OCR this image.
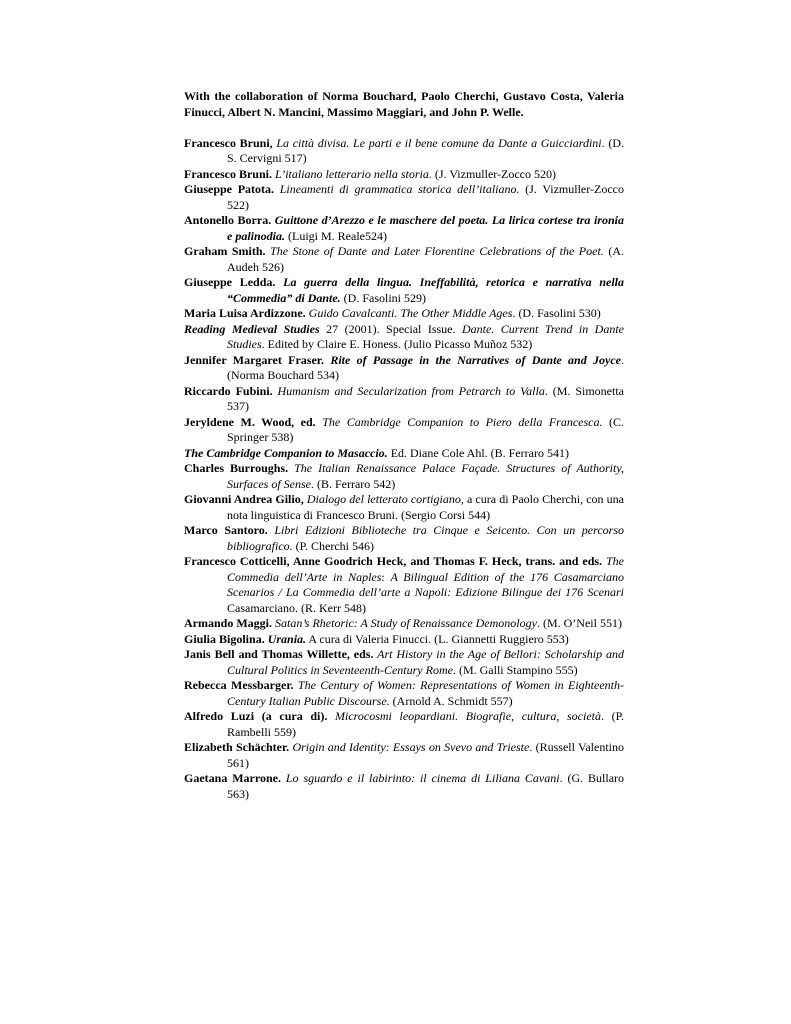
With the collaboration of Norma Bouchard, Paolo Cherchi, Gustavo Costa, Valeria Finucci, Albert N. Mancini, Massimo Maggiari, and John P. Welle.

Francesco Bruni, La città divisa. Le parti e il bene comune da Dante a Guicciardini. (D. S. Cervigni 517)

Francesco Bruni. L’italiano letterario nella storia. (J. Vizmuller-Zocco 520)

Giuseppe Patota. Lineamenti di grammatica storica dell’italiano. (J. Vizmuller-Zocco 522)

Antonello Borra. Guittone d’Arezzo e le maschere del poeta. La lirica cortese tra ironia e palinodia. (Luigi M. Reale524)

Graham Smith. The Stone of Dante and Later Florentine Celebrations of the Poet. (A. Audeh 526)

Giuseppe Ledda. La guerra della lingua. Ineffabilità, retorica e narrativa nella “Commedia” di Dante. (D. Fasolini 529)

Maria Luisa Ardizzone. Guido Cavalcanti. The Other Middle Ages. (D. Fasolini 530)

Reading Medieval Studies 27 (2001). Special Issue. Dante. Current Trend in Dante Studies. Edited by Claire E. Honess. (Julio Picasso Muñoz 532)

Jennifer Margaret Fraser. Rite of Passage in the Narratives of Dante and Joyce. (Norma Bouchard 534)

Riccardo Fubini. Humanism and Secularization from Petrarch to Valla. (M. Simonetta 537)

Jeryldene M. Wood, ed. The Cambridge Companion to Piero della Francesca. (C. Springer 538)

The Cambridge Companion to Masaccio. Ed. Diane Cole Ahl. (B. Ferraro 541)

Charles Burroughs. The Italian Renaissance Palace Façade. Structures of Authority, Surfaces of Sense. (B. Ferraro 542)

Giovanni Andrea Gilio, Dialogo del letterato cortigiano, a cura di Paolo Cherchi, con una nota linguistica di Francesco Bruni. (Sergio Corsi 544)

Marco Santoro. Libri Edizioni Biblioteche tra Cinque e Seicento. Con un percorso bibliografico. (P. Cherchi 546)

Francesco Cotticelli, Anne Goodrich Heck, and Thomas F. Heck, trans. and eds. The Commedia dell’Arte in Naples: A Bilingual Edition of the 176 Casamarciano Scenarios / La Commedia dell’arte a Napoli: Edizione Bilingue dei 176 Scenari Casamarciano. (R. Kerr 548)

Armando Maggi. Satan’s Rhetoric: A Study of Renaissance Demonology. (M. O’Neil 551)

Giulia Bigolina. Urania. A cura di Valeria Finucci. (L. Giannetti Ruggiero 553)

Janis Bell and Thomas Willette, eds. Art History in the Age of Bellori: Scholarship and Cultural Politics in Seventeenth-Century Rome. (M. Galli Stampino 555)

Rebecca Messbarger. The Century of Women: Representations of Women in Eighteenth-Century Italian Public Discourse. (Arnold A. Schmidt 557)

Alfredo Luzi (a cura di). Microcosmi leopardiani. Biografie, cultura, società. (P. Rambelli 559)

Elizabeth Schächter. Origin and Identity: Essays on Svevo and Trieste. (Russell Valentino 561)

Gaetana Marrone. Lo sguardo e il labirinto: il cinema di Liliana Cavani. (G. Bullaro 563)
